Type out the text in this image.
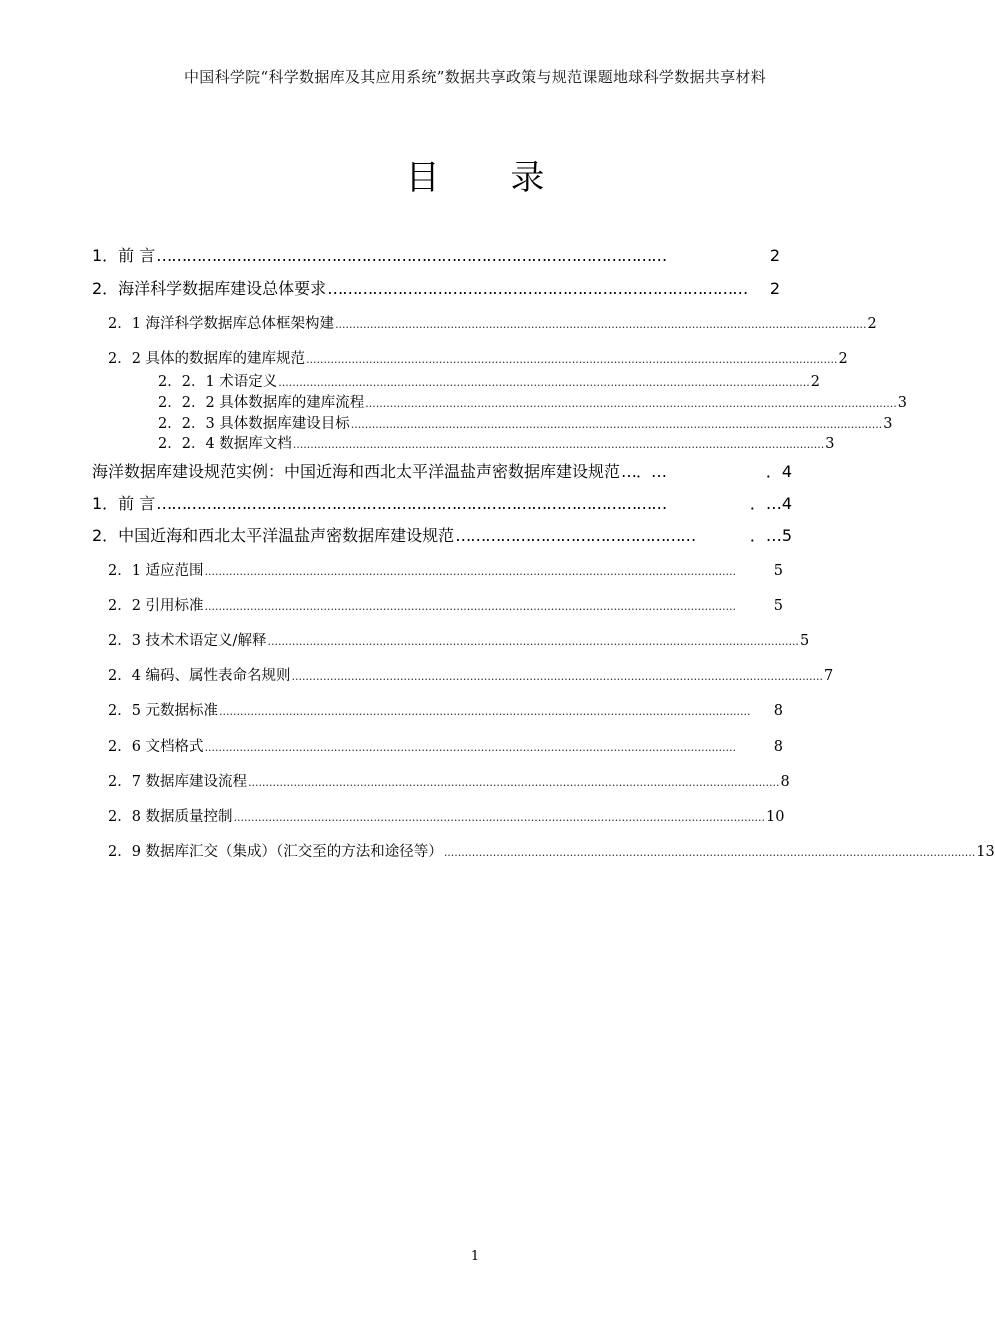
中国科学院“科学数据库及其应用系统”数据共享政策与规范课题地球科学数据共享材料
目 录
1．前 言 …………………………………………………………………………………………	2
2．海洋科学数据库建设总体要求 …………………………………………………………………………	2
2．1 海洋科学数据库总体框架构建 ........................................................................................................................................................ 2
2．2 具体的数据库的建库规范 ........................................................................................................................................................ 2
2．2．1 术语定义 ........................................................................................................................................................ 2
2．2．2 具体数据库的建库流程 ........................................................................................................................................................ 3
2．2．3 具体数据库建设目标 ........................................................................................................................................................ 3
2．2．4 数据库文档 ........................................................................................................................................................ 3
海洋数据库建设规范实例：中国近海和西北太平洋温盐声密数据库建设规范 …．…	．4
1．前 言 …………………………………………………………………………………………	．…4
2．中国近海和西北太平洋温盐声密数据库建设规范 …………………………………………	．…5
2．1 适应范围 ........................................................................................................................................................	5
2．2 引用标准 ........................................................................................................................................................	5
2．3 技术术语定义/解释 ........................................................................................................................................................ 5
2．4 编码、属性表命名规则 ........................................................................................................................................................ 7
2．5 元数据标准 ........................................................................................................................................................	8
2．6 文档格式 ........................................................................................................................................................	8
2．7 数据库建设流程 ........................................................................................................................................................ 8
2．8 数据质量控制 ........................................................................................................................................................ 10
2．9 数据库汇交（集成）（汇交至的方法和途径等） ........................................................................................................................................................ 13
1
